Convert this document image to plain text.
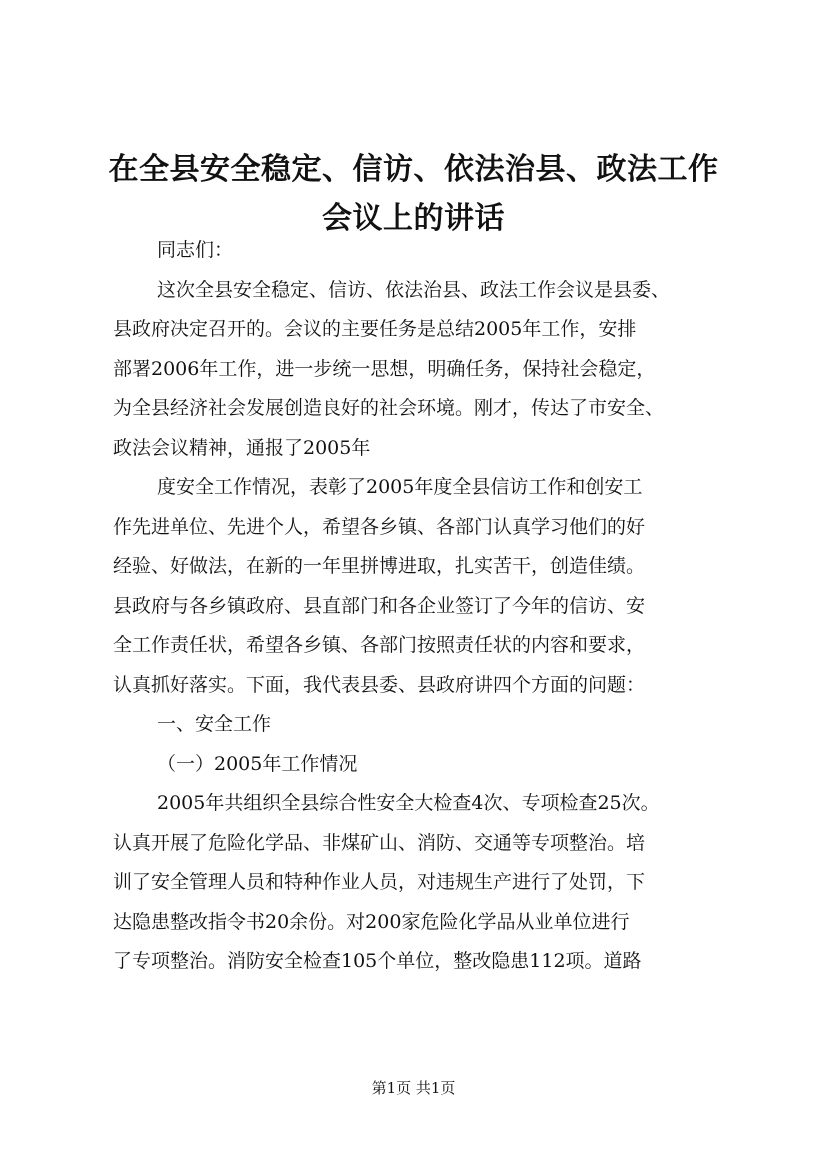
在全县安全稳定、信访、依法治县、政法工作
会议上的讲话
同志们：
这次全县安全稳定、信访、依法治县、政法工作会议是县委、
县政府决定召开的。会议的主要任务是总结2005年工作，安排
部署2006年工作，进一步统一思想，明确任务，保持社会稳定，
为全县经济社会发展创造良好的社会环境。刚才，传达了市安全、
政法会议精神，通报了2005年
度安全工作情况，表彰了2005年度全县信访工作和创安工
作先进单位、先进个人，希望各乡镇、各部门认真学习他们的好
经验、好做法，在新的一年里拼博进取，扎实苦干，创造佳绩。
县政府与各乡镇政府、县直部门和各企业签订了今年的信访、安
全工作责任状，希望各乡镇、各部门按照责任状的内容和要求，
认真抓好落实。下面，我代表县委、县政府讲四个方面的问题：
一、安全工作
（一）2005年工作情况
2005年共组织全县综合性安全大检查4次、专项检查25次。
认真开展了危险化学品、非煤矿山、消防、交通等专项整治。培
训了安全管理人员和特种作业人员，对违规生产进行了处罚，下
达隐患整改指令书20余份。对200家危险化学品从业单位进行
了专项整治。消防安全检查105个单位，整改隐患112项。道路
第1页 共1页
